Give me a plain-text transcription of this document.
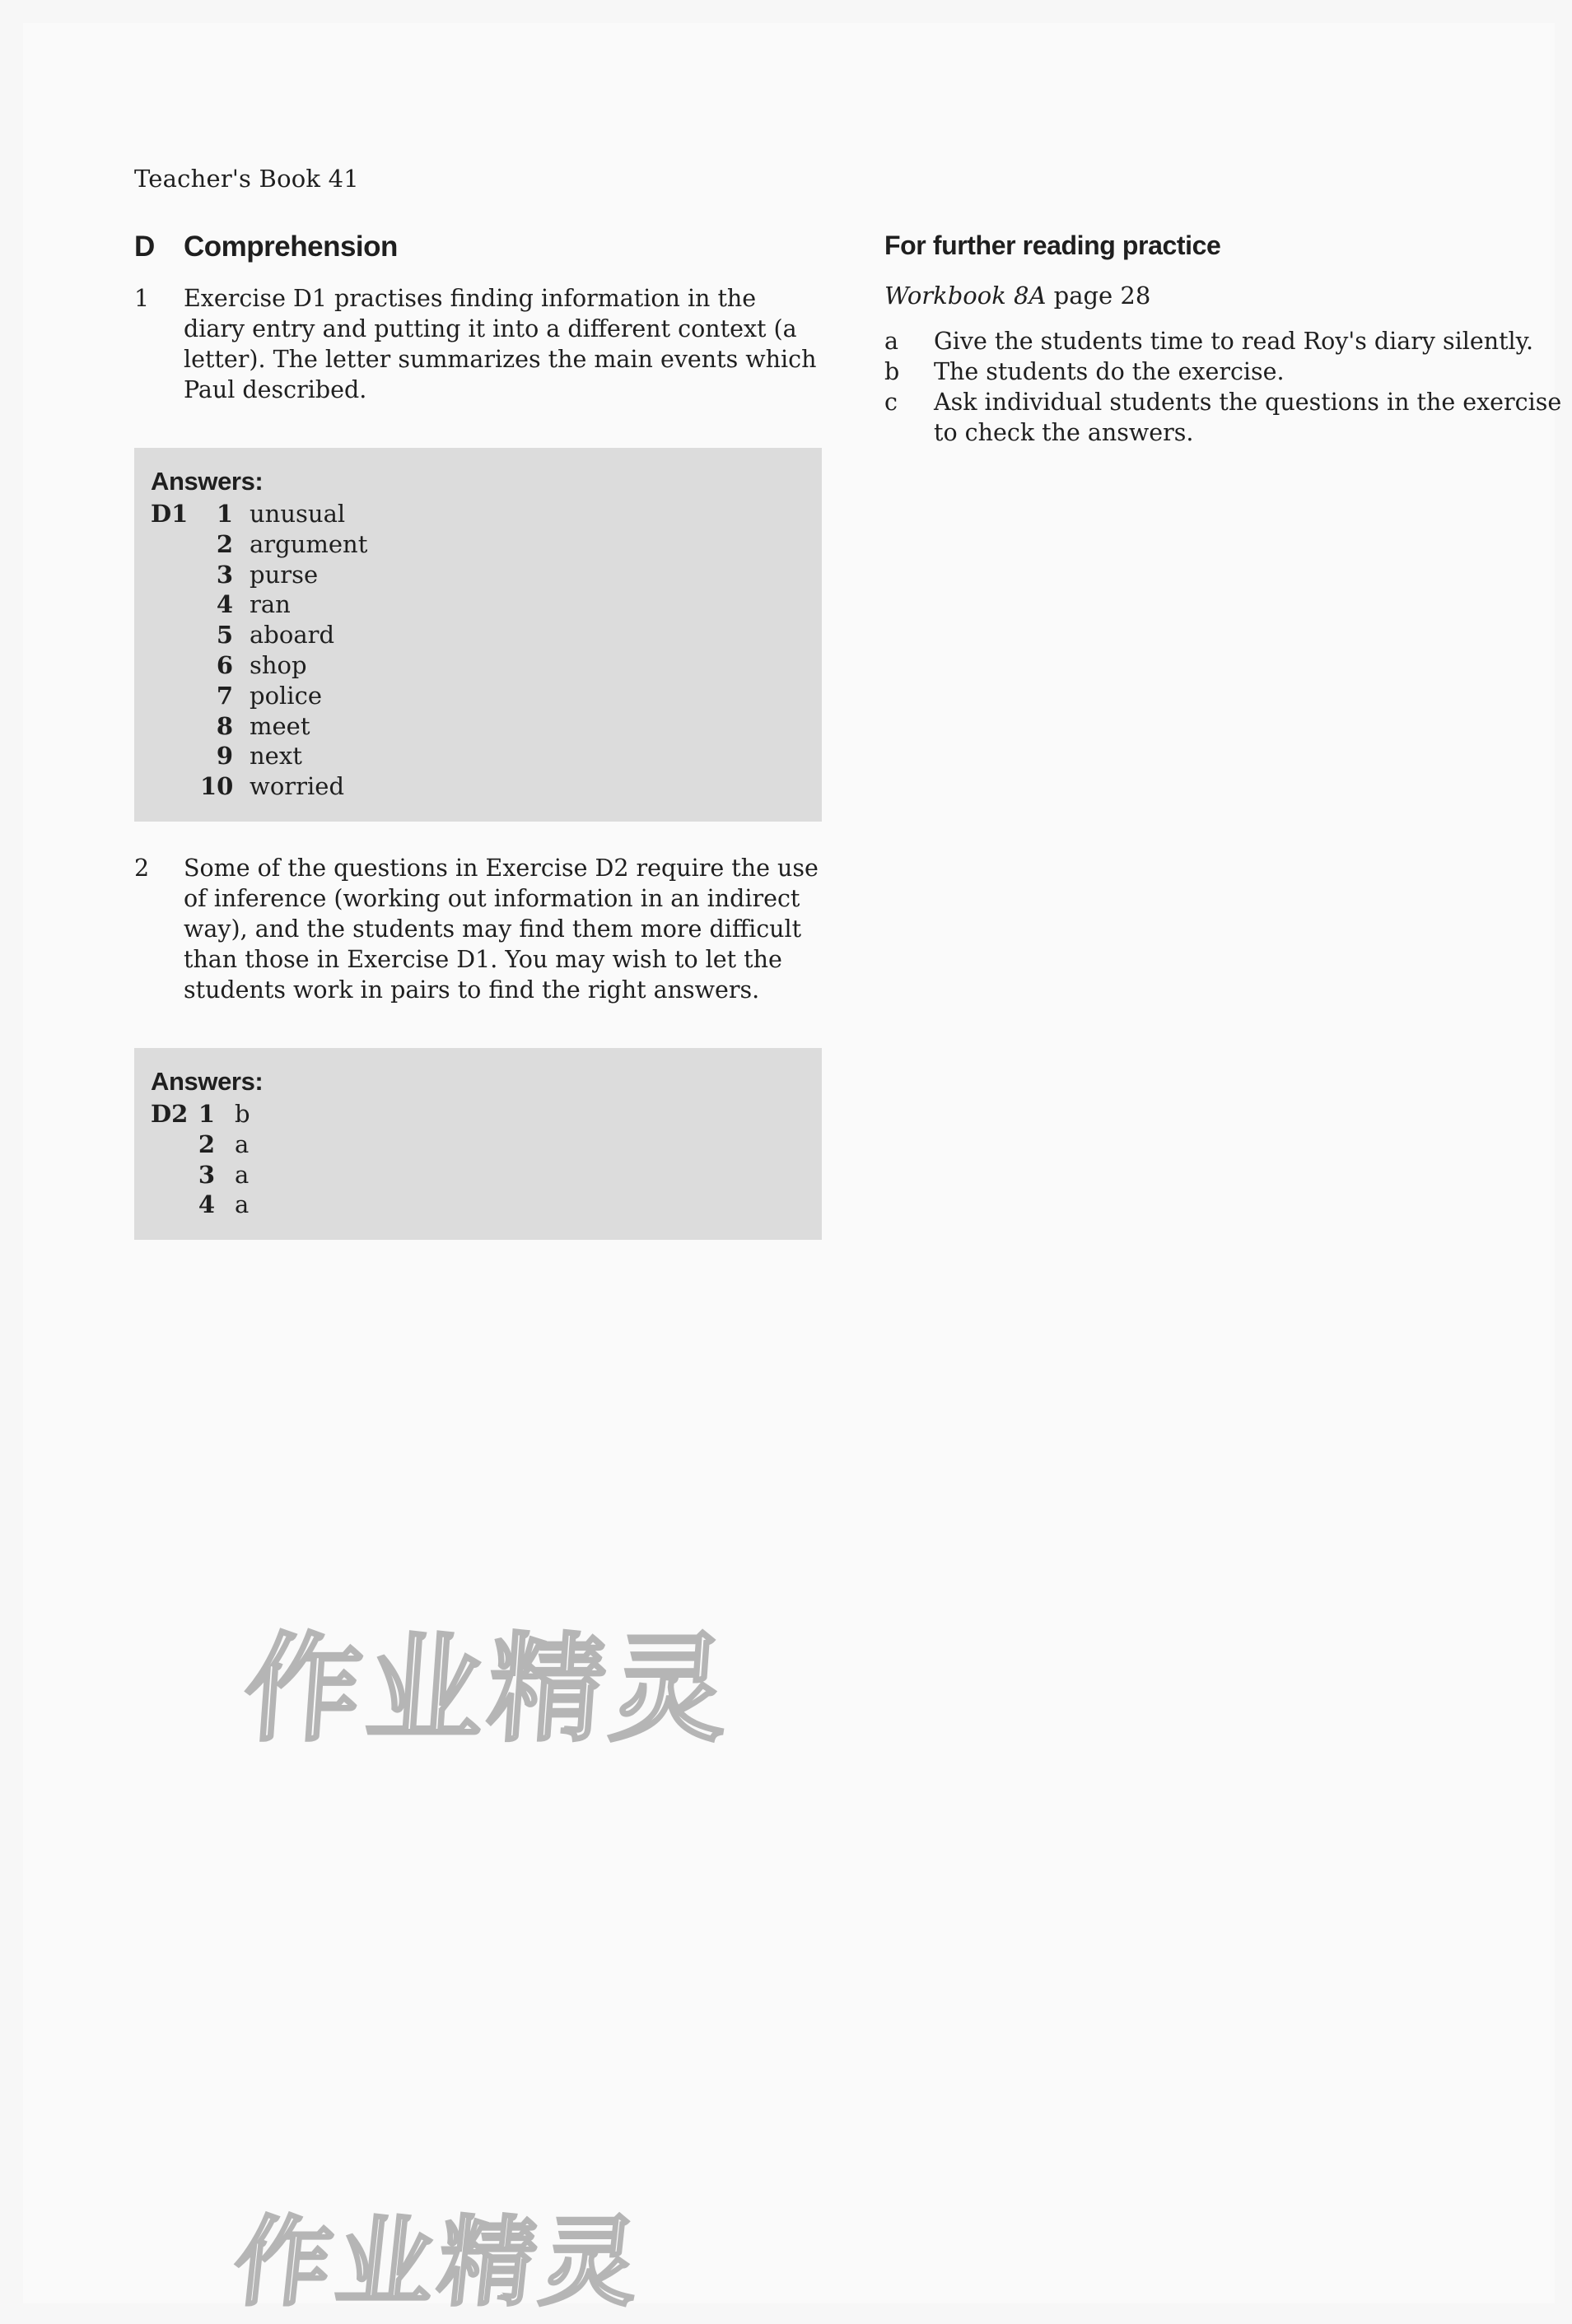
Teacher's Book 41
D	Comprehension
1	Exercise D1 practises finding information in the diary entry and putting it into a different context (a letter). The letter summarizes the main events which Paul described.
Answers:
D1	1 unusual
2 argument
3 purse
4 ran
5 aboard
6 shop
7 police
8 meet
9 next
10 worried
2	Some of the questions in Exercise D2 require the use of inference (working out information in an indirect way), and the students may find them more difficult than those in Exercise D1. You may wish to let the students work in pairs to find the right answers.
Answers:
D2 1 b
2 a
3 a
4 a
For further reading practice
Workbook 8A page 28
a	Give the students time to read Roy's diary silently.
b	The students do the exercise.
c	Ask individual students the questions in the exercise to check the answers.
作业精灵
作业精灵
